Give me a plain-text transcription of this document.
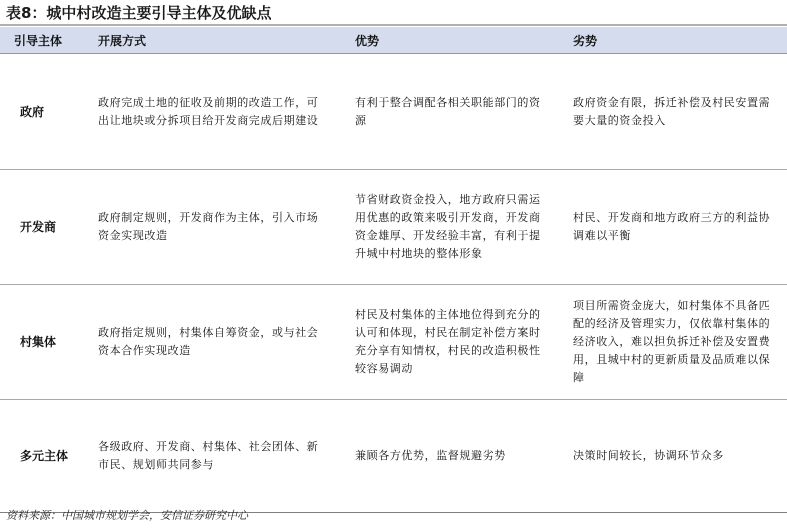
表8：城中村改造主要引导主体及优缺点
引导主体	开展方式	优势	劣势

政府	政府完成土地的征收及前期的改造工作，可出让地块或分拆项目给开发商完成后期建设	有利于整合调配各相关职能部门的资源	政府资金有限，拆迁补偿及村民安置需要大量的资金投入

开发商	政府制定规则，开发商作为主体，引入市场资金实现改造	节省财政资金投入，地方政府只需运用优惠的政策来吸引开发商，开发商资金雄厚、开发经验丰富，有利于提升城中村地块的整体形象	村民、开发商和地方政府三方的利益协调难以平衡

村集体	政府指定规则，村集体自筹资金，或与社会资本合作实现改造	村民及村集体的主体地位得到充分的认可和体现，村民在制定补偿方案时充分享有知情权，村民的改造积极性较容易调动	项目所需资金庞大，如村集体不具备匹配的经济及管理实力，仅依靠村集体的经济收入，难以担负拆迁补偿及安置费用，且城中村的更新质量及品质难以保障

多元主体	各级政府、开发商、村集体、社会团体、新市民、规划师共同参与	兼顾各方优势，监督规避劣势	决策时间较长，协调环节众多
资料来源：中国城市规划学会，安信证券研究中心
